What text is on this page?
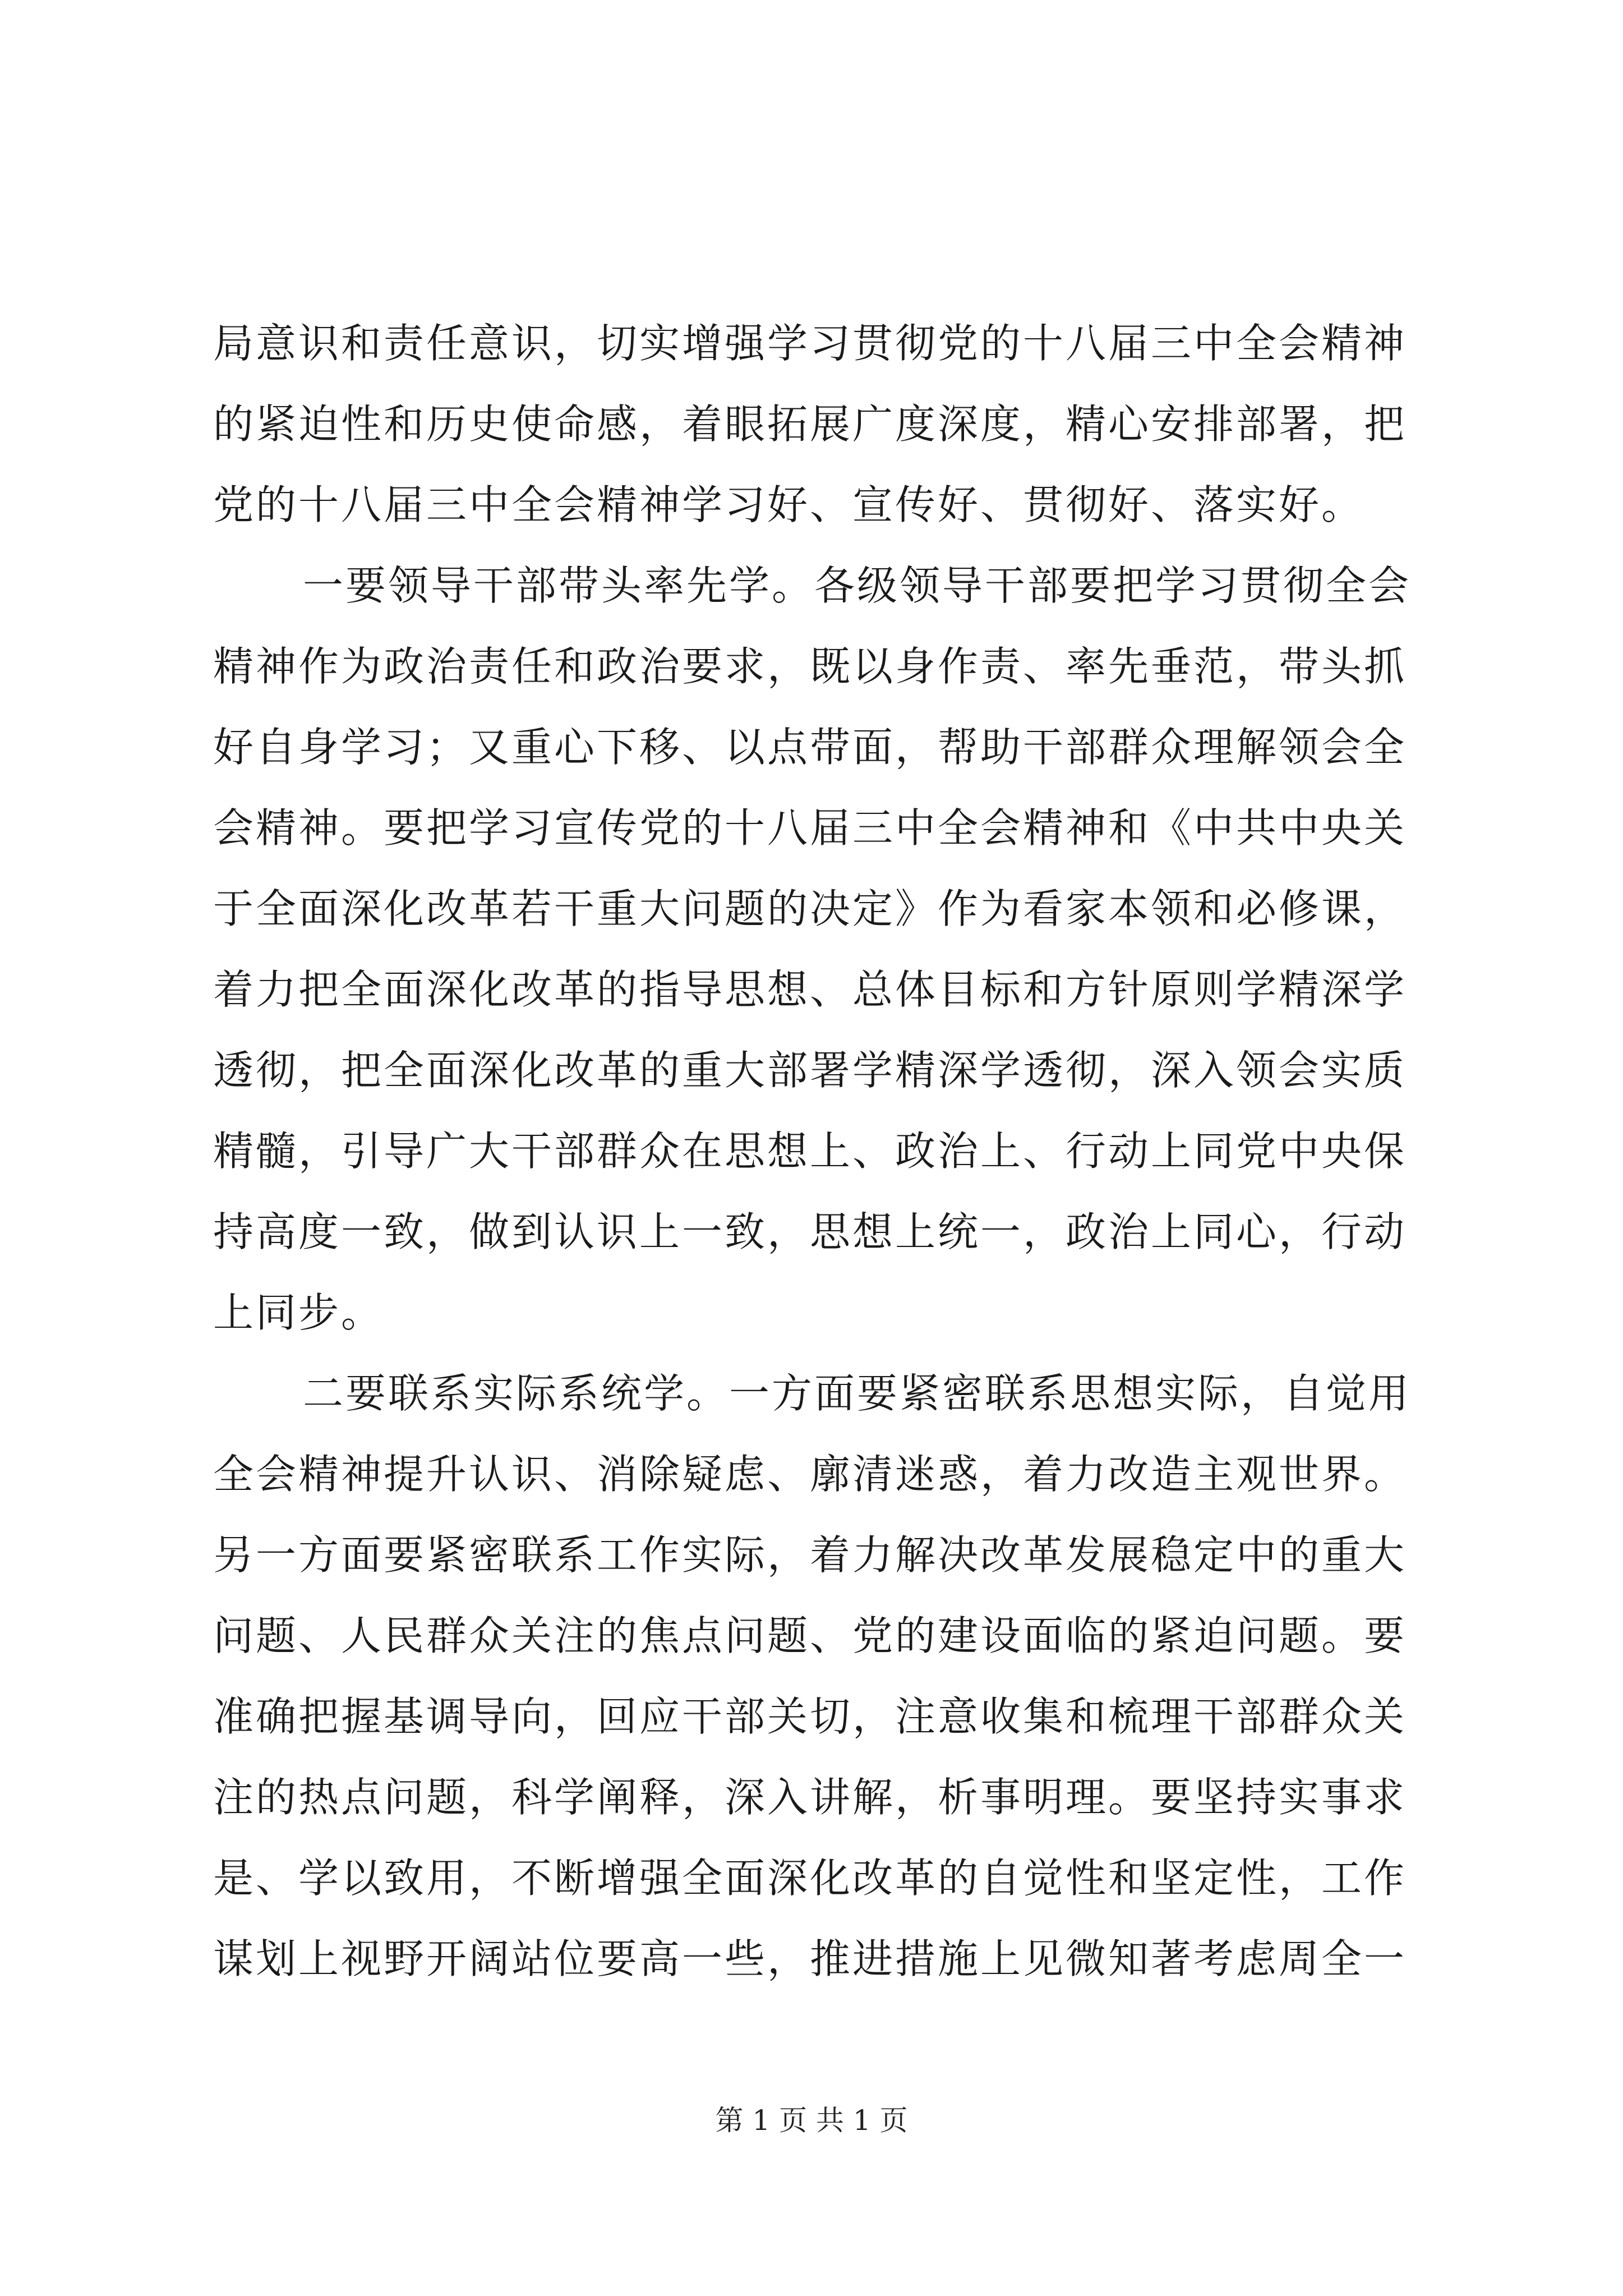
局意识和责任意识，切实增强学习贯彻党的十八届三中全会精神
的紧迫性和历史使命感，着眼拓展广度深度，精心安排部署，把
党的十八届三中全会精神学习好、宣传好、贯彻好、落实好。
一要领导干部带头率先学。各级领导干部要把学习贯彻全会
精神作为政治责任和政治要求，既以身作责、率先垂范，带头抓
好自身学习；又重心下移、以点带面，帮助干部群众理解领会全
会精神。要把学习宣传党的十八届三中全会精神和《中共中央关
于全面深化改革若干重大问题的决定》作为看家本领和必修课，
着力把全面深化改革的指导思想、总体目标和方针原则学精深学
透彻，把全面深化改革的重大部署学精深学透彻，深入领会实质
精髓，引导广大干部群众在思想上、政治上、行动上同党中央保
持高度一致，做到认识上一致，思想上统一，政治上同心，行动
上同步。
二要联系实际系统学。一方面要紧密联系思想实际，自觉用
全会精神提升认识、消除疑虑、廓清迷惑，着力改造主观世界。
另一方面要紧密联系工作实际，着力解决改革发展稳定中的重大
问题、人民群众关注的焦点问题、党的建设面临的紧迫问题。要
准确把握基调导向，回应干部关切，注意收集和梳理干部群众关
注的热点问题，科学阐释，深入讲解，析事明理。要坚持实事求
是、学以致用，不断增强全面深化改革的自觉性和坚定性，工作
谋划上视野开阔站位要高一些，推进措施上见微知著考虑周全一
第 1 页 共 1 页
